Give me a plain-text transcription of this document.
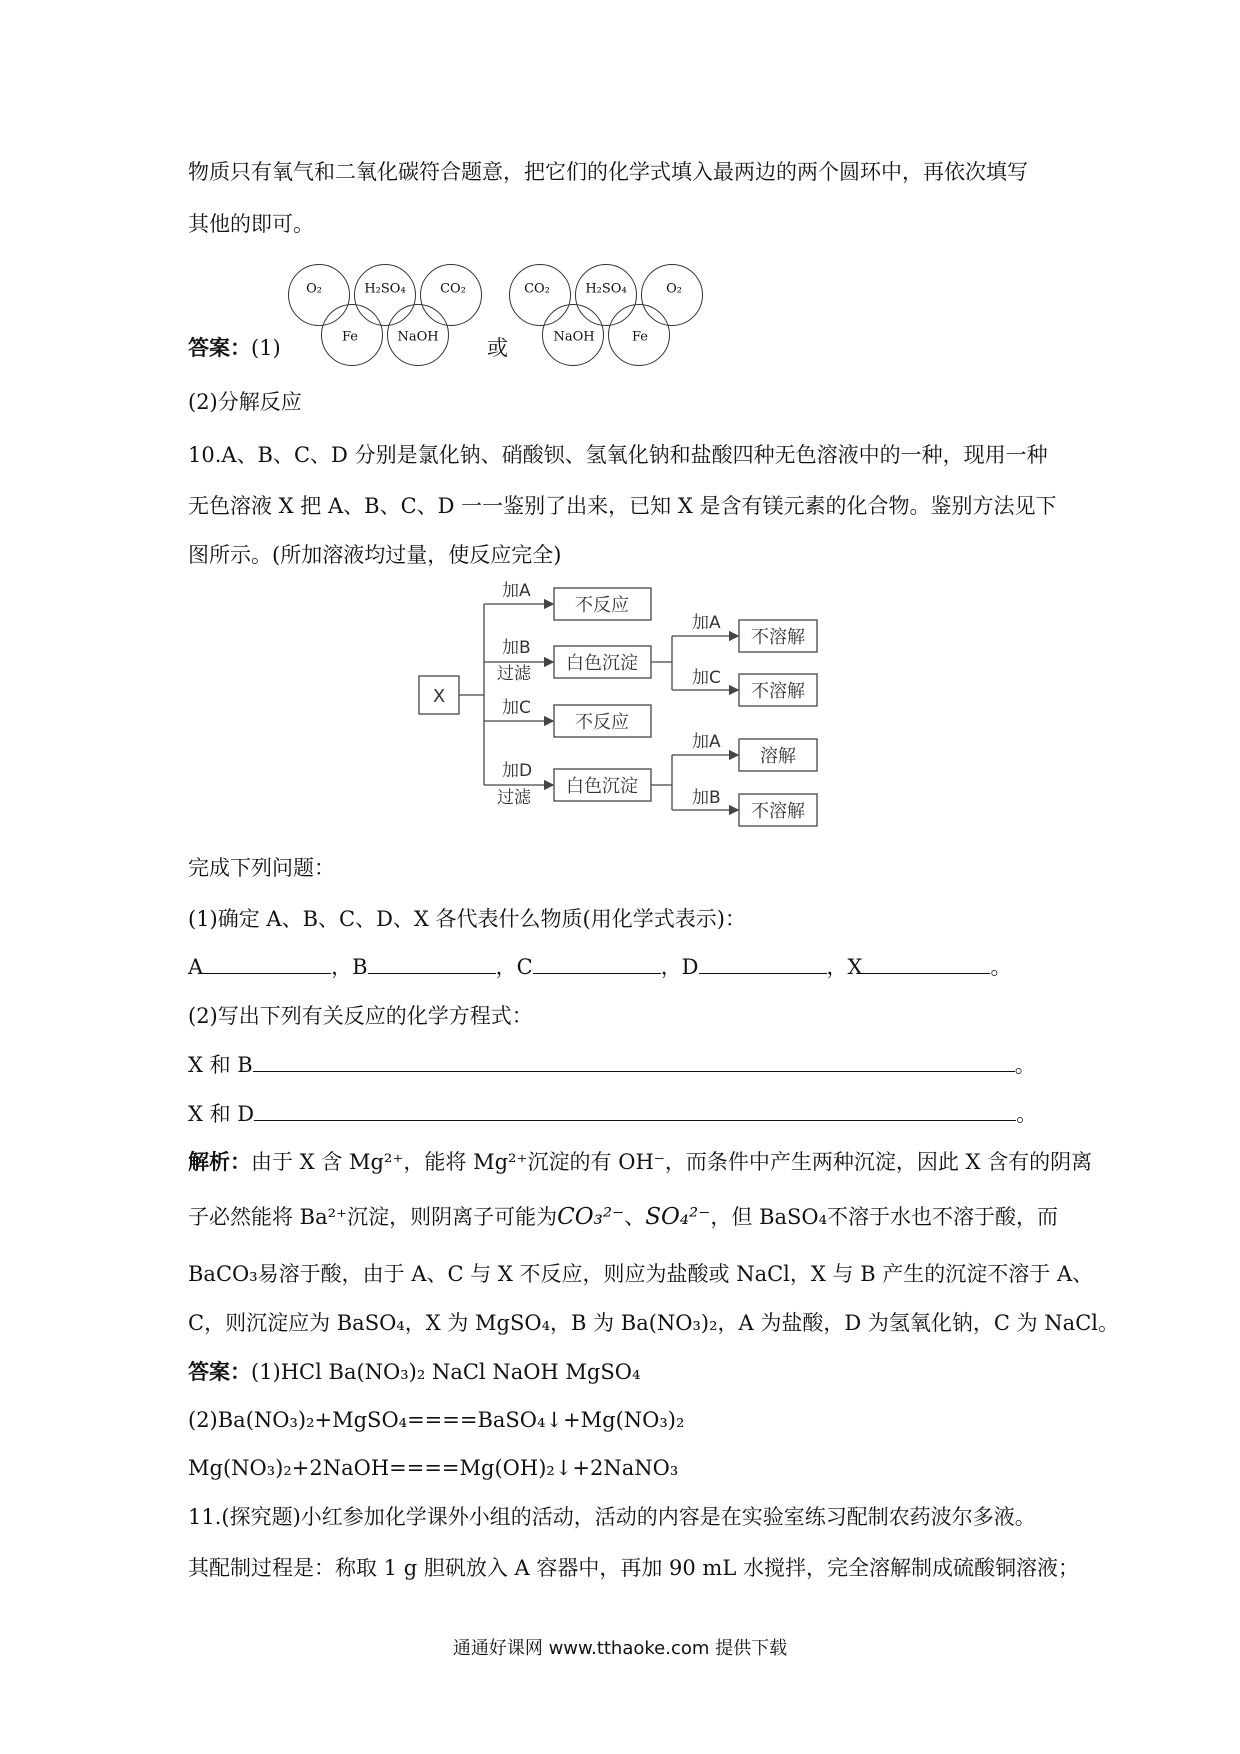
物质只有氧气和二氧化碳符合题意，把它们的化学式填入最两边的两个圆环中，再依次填写
其他的即可。
答案：(1)	或
O₂	H₂SO₄	CO₂
Fe	NaOH
CO₂	H₂SO₄	O₂
NaOH	Fe
(2)分解反应
10.A、B、C、D 分别是氯化钠、硝酸钡、氢氧化钠和盐酸四种无色溶液中的一种，现用一种
无色溶液 X 把 A、B、C、D 一一鉴别了出来，已知 X 是含有镁元素的化合物。鉴别方法见下
图所示。(所加溶液均过量，使反应完全)
X
加A
加B
过滤
加C
加D
过滤
不反应
白色沉淀
不反应
白色沉淀
加A
加C
加A
加B
不溶解
不溶解
溶解
不溶解
完成下列问题：
(1)确定 A、B、C、D、X 各代表什么物质(用化学式表示)：
A	，B	，C	，D	，X	。
(2)写出下列有关反应的化学方程式：
X 和 B	。
X 和 D	。
解析：由于 X 含 Mg²⁺，能将 Mg²⁺沉淀的有 OH⁻，而条件中产生两种沉淀，因此 X 含有的阴离
子必然能将 Ba²⁺沉淀，则阴离子可能为CO₃²⁻、SO₄²⁻，但 BaSO₄不溶于水也不溶于酸，而
BaCO₃易溶于酸，由于 A、C 与 X 不反应，则应为盐酸或 NaCl，X 与 B 产生的沉淀不溶于 A、
C，则沉淀应为 BaSO₄，X 为 MgSO₄，B 为 Ba(NO₃)₂，A 为盐酸，D 为氢氧化钠，C 为 NaCl。
答案：(1)HCl Ba(NO₃)₂ NaCl NaOH MgSO₄
(2)Ba(NO₃)₂+MgSO₄====BaSO₄↓+Mg(NO₃)₂
Mg(NO₃)₂+2NaOH====Mg(OH)₂↓+2NaNO₃
11.(探究题)小红参加化学课外小组的活动，活动的内容是在实验室练习配制农药波尔多液。
其配制过程是：称取 1 g 胆矾放入 A 容器中，再加 90 mL 水搅拌，完全溶解制成硫酸铜溶液；
通通好课网 www.tthaoke.com 提供下载
